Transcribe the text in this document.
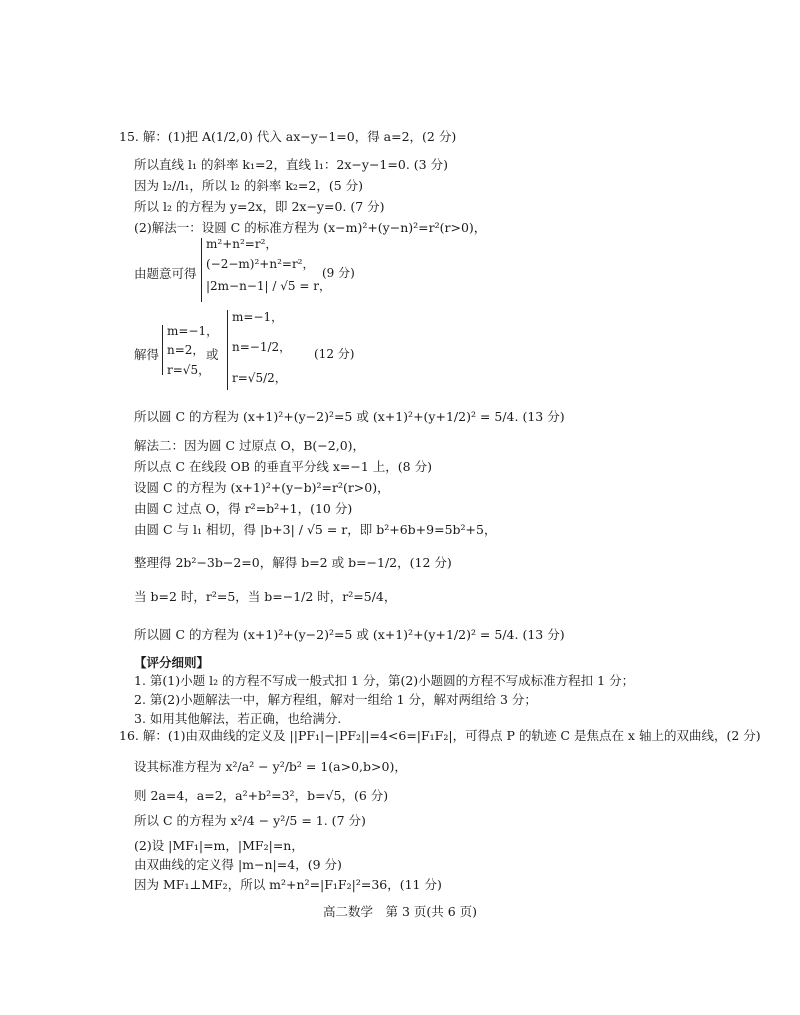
15. 解：(1)把 A(1/2,0) 代入 ax−y−1=0，得 a=2，(2 分)
所以直线 l₁ 的斜率 k₁=2，直线 l₁：2x−y−1=0. (3 分)
因为 l₂//l₁，所以 l₂ 的斜率 k₂=2，(5 分)
所以 l₂ 的方程为 y=2x，即 2x−y=0. (7 分)
(2)解法一：设圆 C 的标准方程为 (x−m)²+(y−n)²=r²(r>0)，
由题意可得
m²+n²=r²，
(−2−m)²+n²=r²，
|2m−n−1| / √5 = r，
(9 分)
解得
m=−1，
n=2，
r=√5，
或
m=−1，
n=−1/2，
r=√5/2，
(12 分)
所以圆 C 的方程为 (x+1)²+(y−2)²=5 或 (x+1)²+(y+1/2)² = 5/4. (13 分)
解法二：因为圆 C 过原点 O，B(−2,0)，
所以点 C 在线段 OB 的垂直平分线 x=−1 上，(8 分)
设圆 C 的方程为 (x+1)²+(y−b)²=r²(r>0)，
由圆 C 过点 O，得 r²=b²+1，(10 分)
由圆 C 与 l₁ 相切，得 |b+3| / √5 = r，即 b²+6b+9=5b²+5，
整理得 2b²−3b−2=0，解得 b=2 或 b=−1/2，(12 分)
当 b=2 时，r²=5，当 b=−1/2 时，r²=5/4，
所以圆 C 的方程为 (x+1)²+(y−2)²=5 或 (x+1)²+(y+1/2)² = 5/4. (13 分)
【评分细则】
1. 第(1)小题 l₂ 的方程不写成一般式扣 1 分，第(2)小题圆的方程不写成标准方程扣 1 分；
2. 第(2)小题解法一中，解方程组，解对一组给 1 分，解对两组给 3 分；
3. 如用其他解法，若正确，也给满分.
16. 解：(1)由双曲线的定义及 ||PF₁|−|PF₂||=4<6=|F₁F₂|，可得点 P 的轨迹 C 是焦点在 x 轴上的双曲线，(2 分)
设其标准方程为 x²/a² − y²/b² = 1(a>0,b>0)，
则 2a=4，a=2，a²+b²=3²，b=√5，(6 分)
所以 C 的方程为 x²/4 − y²/5 = 1. (7 分)
(2)设 |MF₁|=m，|MF₂|=n，
由双曲线的定义得 |m−n|=4，(9 分)
因为 MF₁⊥MF₂，所以 m²+n²=|F₁F₂|²=36，(11 分)
高二数学　第 3 页(共 6 页)
